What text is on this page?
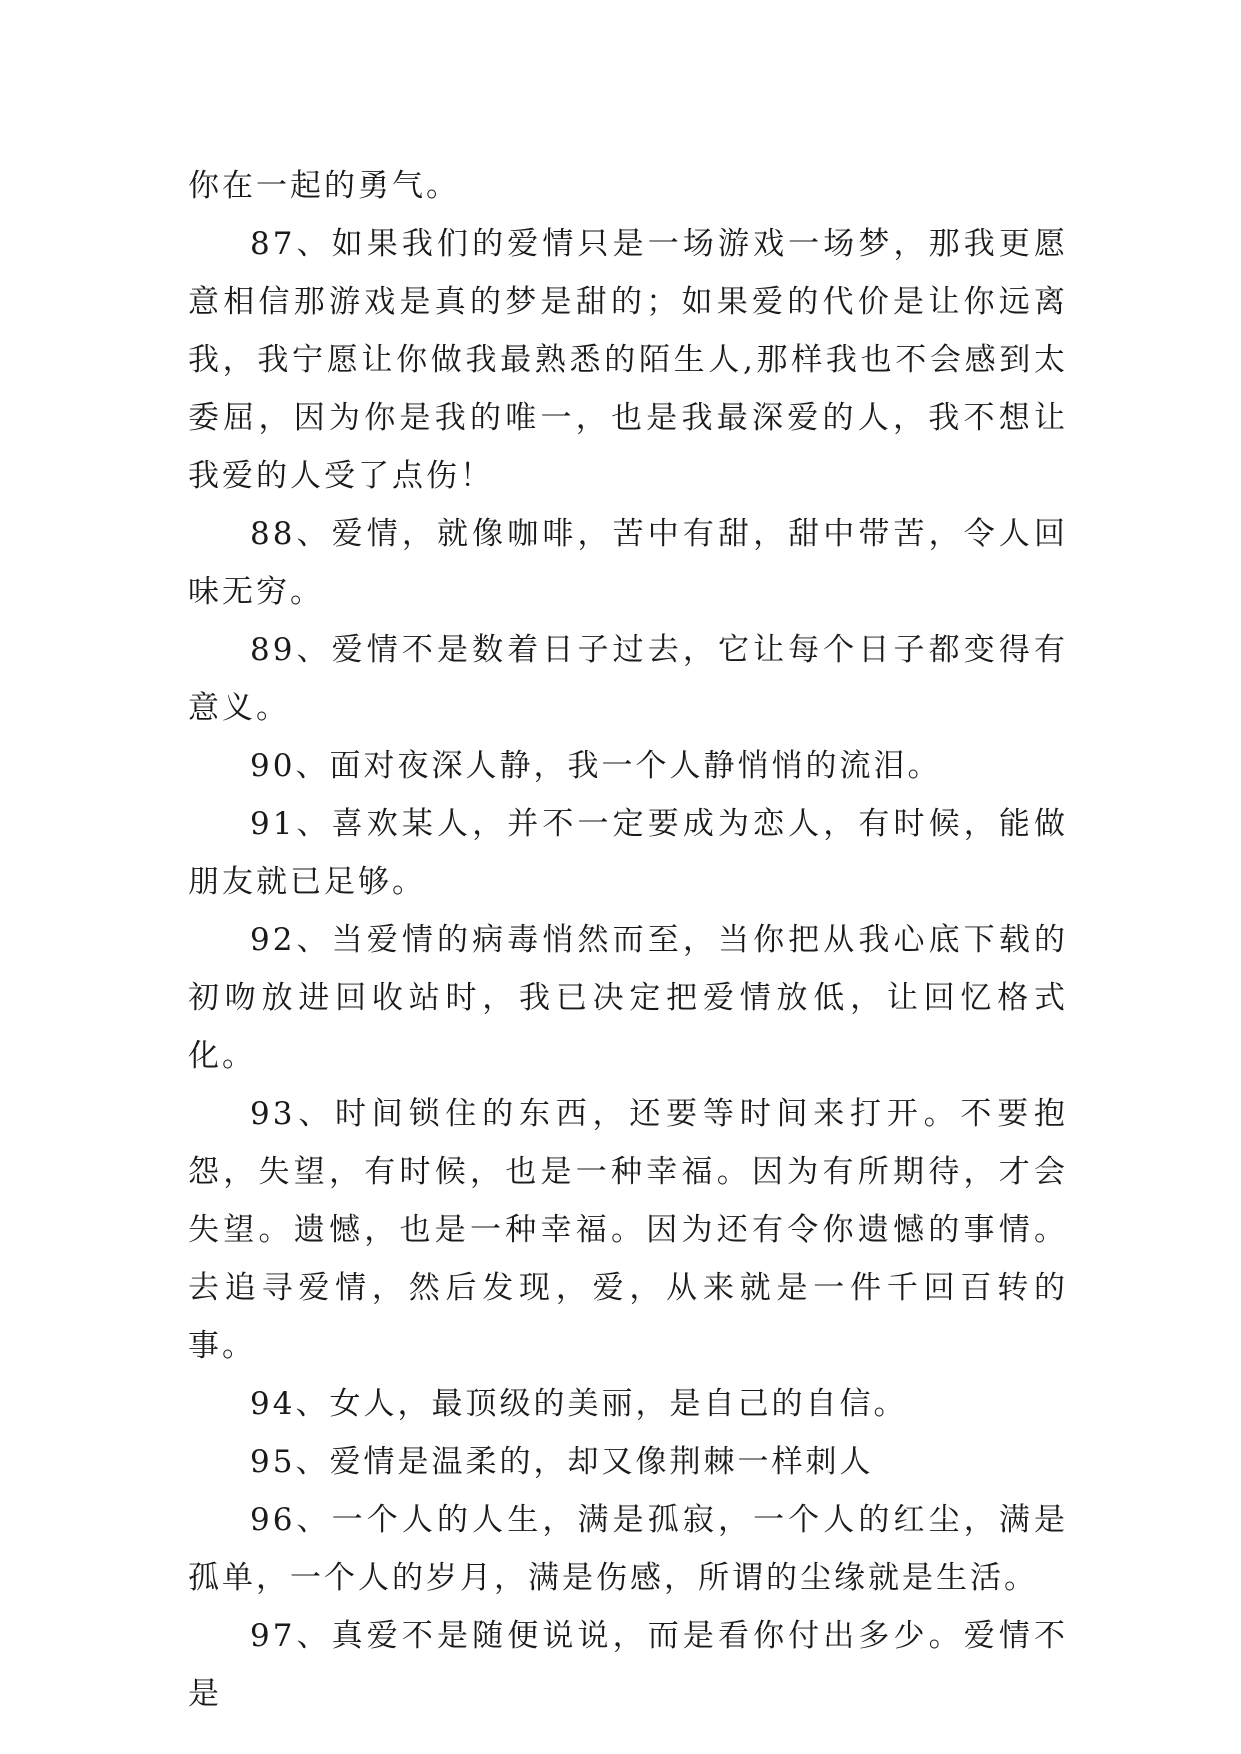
你在一起的勇气。

87、如果我们的爱情只是一场游戏一场梦，那我更愿意相信那游戏是真的梦是甜的；如果爱的代价是让你远离我，我宁愿让你做我最熟悉的陌生人,那样我也不会感到太委屈，因为你是我的唯一，也是我最深爱的人，我不想让我爱的人受了点伤！

88、爱情，就像咖啡，苦中有甜，甜中带苦，令人回味无穷。

89、爱情不是数着日子过去，它让每个日子都变得有意义。

90、面对夜深人静，我一个人静悄悄的流泪。

91、喜欢某人，并不一定要成为恋人，有时候，能做朋友就已足够。

92、当爱情的病毒悄然而至，当你把从我心底下载的初吻放进回收站时，我已决定把爱情放低，让回忆格式化。

93、时间锁住的东西，还要等时间来打开。不要抱怨，失望，有时候，也是一种幸福。因为有所期待，才会失望。遗憾，也是一种幸福。因为还有令你遗憾的事情。去追寻爱情，然后发现，爱，从来就是一件千回百转的事。

94、女人，最顶级的美丽，是自己的自信。

95、爱情是温柔的，却又像荆棘一样刺人

96、一个人的人生，满是孤寂，一个人的红尘，满是孤单，一个人的岁月，满是伤感，所谓的尘缘就是生活。

97、真爱不是随便说说，而是看你付出多少。爱情不是
